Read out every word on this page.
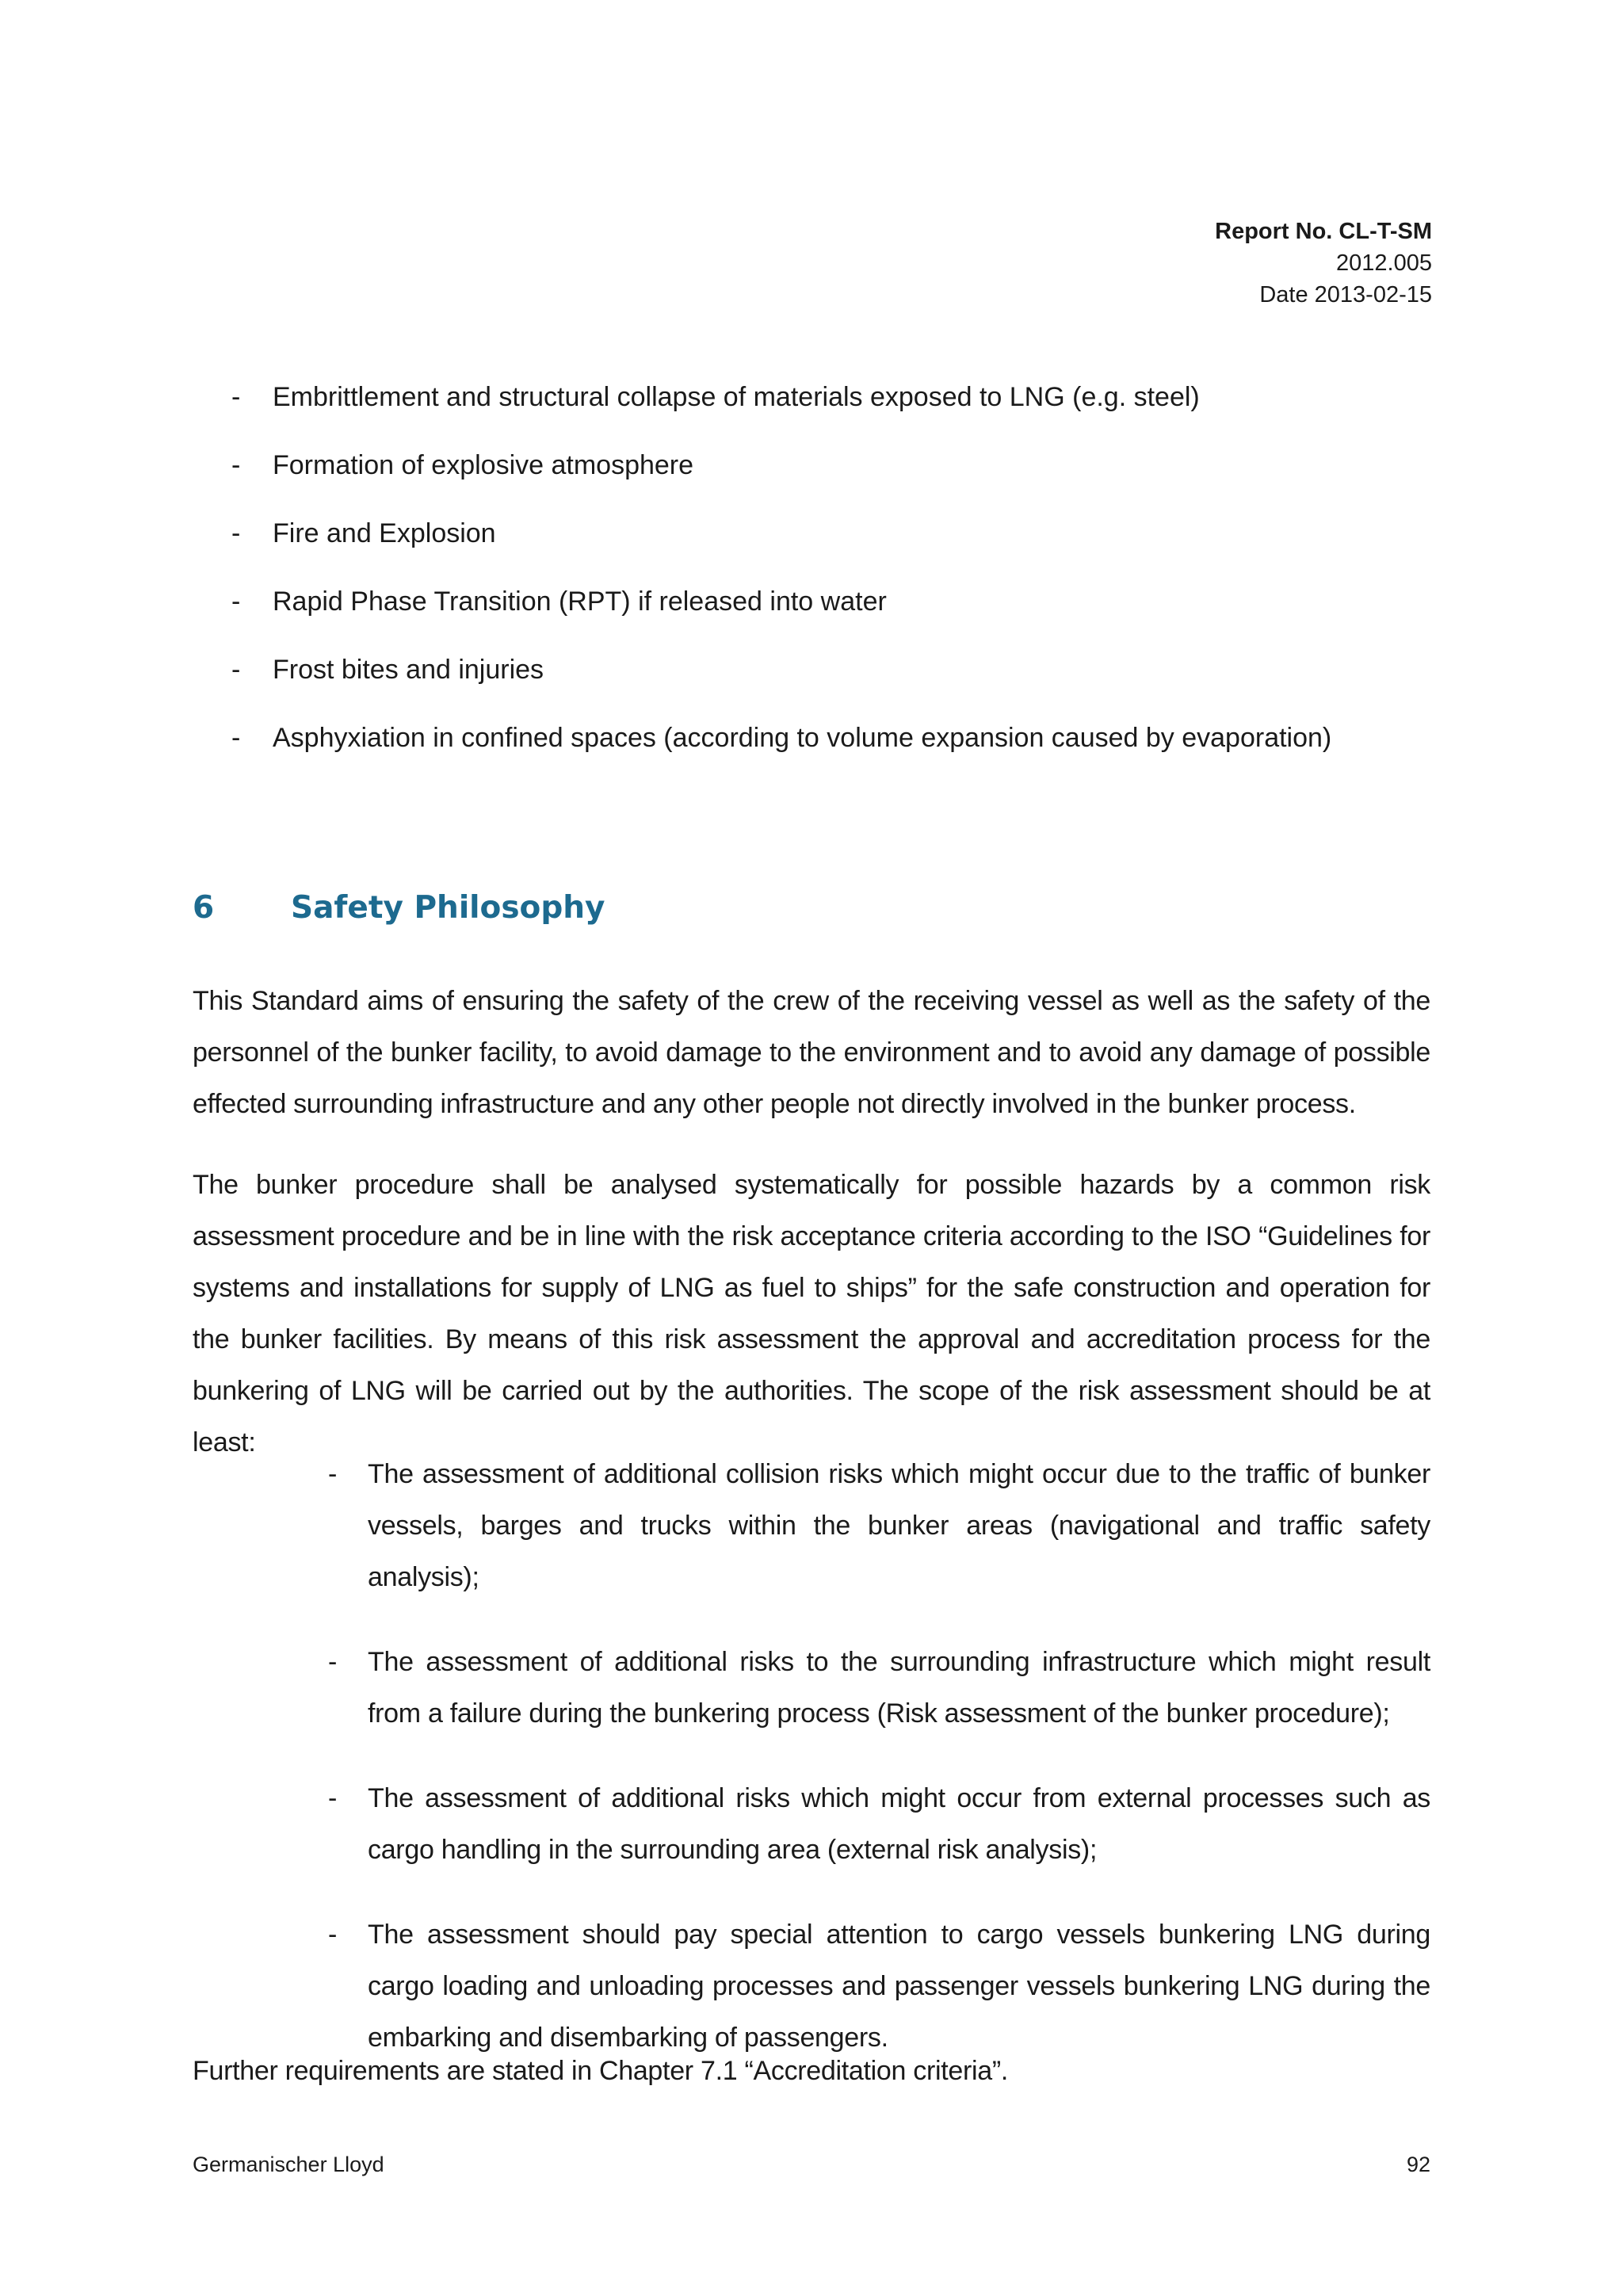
Report No. CL-T-SM
2012.005
Date 2013-02-15
- Embrittlement and structural collapse of materials exposed to LNG (e.g. steel)
- Formation of explosive atmosphere
- Fire and Explosion
- Rapid Phase Transition (RPT) if released into water
- Frost bites and injuries
- Asphyxiation in confined spaces (according to volume expansion caused by evaporation)
6	Safety Philosophy

This Standard aims of ensuring the safety of the crew of the receiving vessel as well as the safety of the personnel of the bunker facility, to avoid damage to the environment and to avoid any damage of possible effected surrounding infrastructure and any other people not directly involved in the bunker process.

The bunker procedure shall be analysed systematically for possible hazards by a common risk assessment procedure and be in line with the risk acceptance criteria according to the ISO “Guidelines for systems and installations for supply of LNG as fuel to ships” for the safe construction and operation for the bunker facilities. By means of this risk assessment the approval and accreditation process for the bunkering of LNG will be carried out by the authorities. The scope of the risk assessment should be at least:

- The assessment of additional collision risks which might occur due to the traffic of bunker vessels, barges and trucks within the bunker areas (navigational and traffic safety analysis);
- The assessment of additional risks to the surrounding infrastructure which might result from a failure during the bunkering process (Risk assessment of the bunker procedure);
- The assessment of additional risks which might occur from external processes such as cargo handling in the surrounding area (external risk analysis);
- The assessment should pay special attention to cargo vessels bunkering LNG during cargo loading and unloading processes and passenger vessels bunkering LNG during the embarking and disembarking of passengers.

Further requirements are stated in Chapter 7.1 “Accreditation criteria”.

Germanischer Lloyd	92
